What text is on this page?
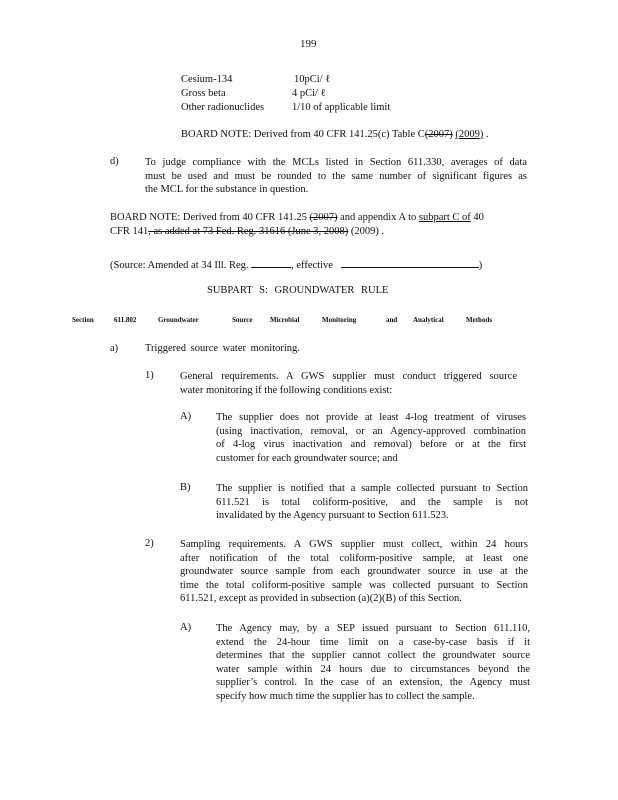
199
Cesium-134	10pCi/ ℓ
Gross beta	4 pCi/ ℓ
Other radionuclides	1/10 of applicable limit
BOARD NOTE: Derived from 40 CFR 141.25(c) Table C(2007) (2009) .
d)	To judge compliance with the MCLs listed in Section 611.330, averages of data
must be used and must be rounded to the same number of significant figures as
the MCL for the substance in question.
BOARD NOTE: Derived from 40 CFR 141.25 (2007) and appendix A to subpart C of 40
CFR 141, as added at 73 Fed. Reg. 31616 (June 3, 2008) (2009) .
(Source: Amended at 34 Ill. Reg.	, effective	)
SUBPART S: GROUNDWATER RULE
Section	611.802	Groundwater	Source	Microbial	Monitoring	and Analytical	Methods
a)	Triggered source water monitoring.
1)	General requirements. A GWS supplier must conduct triggered source
water monitoring if the following conditions exist:
A) The supplier does not provide at least 4-log treatment of viruses
(using inactivation, removal, or an Agency-approved combination
of 4-log virus inactivation and removal) before or at the first
customer for each groundwater source; and
B) The supplier is notified that a sample collected pursuant to Section
611.521 is total coliform-positive, and the sample is not
invalidated by the Agency pursuant to Section 611.523.
2)	Sampling requirements. A GWS supplier must collect, within 24 hours
after notification of the total coliform-positive sample, at least one
groundwater source sample from each groundwater source in use at the
time the total coliform-positive sample was collected pursuant to Section
611.521, except as provided in subsection (a)(2)(B) of this Section.
A) The Agency may, by a SEP issued pursuant to Section 611.110,
extend the 24-hour time limit on a case-by-case basis if it
determines that the supplier cannot collect the groundwater source
water sample within 24 hours due to circumstances beyond the
supplier’s control. In the case of an extension, the Agency must
specify how much time the supplier has to collect the sample.
